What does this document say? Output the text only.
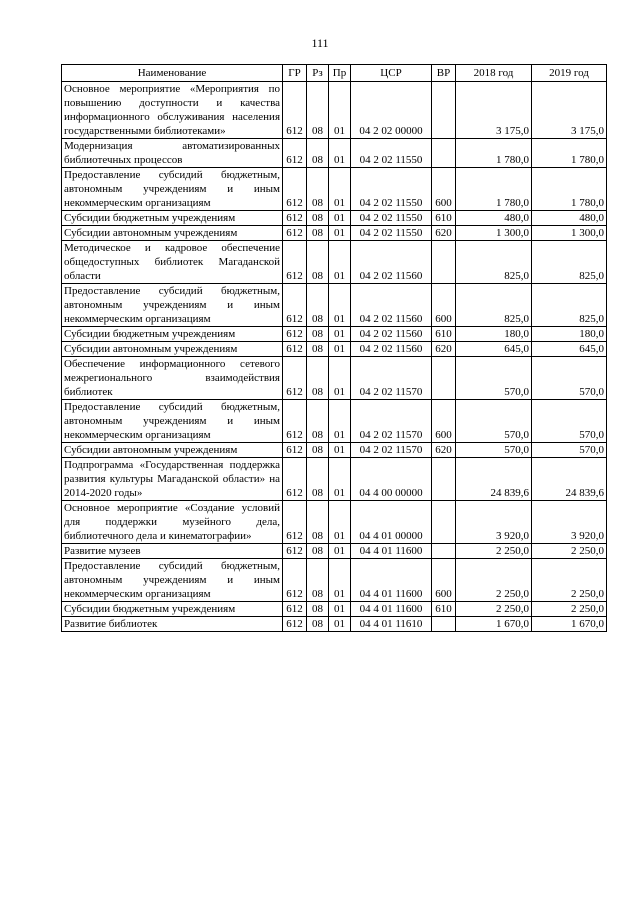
111
Наименование	ГР	Рз	Пр	ЦСР	ВР	2018 год	2019 год
Основное мероприятие «Мероприятия по повышению доступности и качества информационного обслуживания населения государственными библиотеками»	612	08	01	04 2 02 00000		3 175,0	3 175,0
Модернизация автоматизированных библиотечных процессов	612	08	01	04 2 02 11550		1 780,0	1 780,0
Предоставление субсидий бюджетным, автономным учреждениям и иным некоммерческим организациям	612	08	01	04 2 02 11550	600	1 780,0	1 780,0
Субсидии бюджетным учреждениям	612	08	01	04 2 02 11550	610	480,0	480,0
Субсидии автономным учреждениям	612	08	01	04 2 02 11550	620	1 300,0	1 300,0
Методическое и кадровое обеспечение общедоступных библиотек Магаданской области	612	08	01	04 2 02 11560		825,0	825,0
Предоставление субсидий бюджетным, автономным учреждениям и иным некоммерческим организациям	612	08	01	04 2 02 11560	600	825,0	825,0
Субсидии бюджетным учреждениям	612	08	01	04 2 02 11560	610	180,0	180,0
Субсидии автономным учреждениям	612	08	01	04 2 02 11560	620	645,0	645,0
Обеспечение информационного сетевого межрегионального взаимодействия библиотек	612	08	01	04 2 02 11570		570,0	570,0
Предоставление субсидий бюджетным, автономным учреждениям и иным некоммерческим организациям	612	08	01	04 2 02 11570	600	570,0	570,0
Субсидии автономным учреждениям	612	08	01	04 2 02 11570	620	570,0	570,0
Подпрограмма «Государственная поддержка развития культуры Магаданской области» на 2014-2020 годы»	612	08	01	04 4 00 00000		24 839,6	24 839,6
Основное мероприятие «Создание условий для поддержки музейного дела, библиотечного дела и кинематографии»	612	08	01	04 4 01 00000		3 920,0	3 920,0
Развитие музеев	612	08	01	04 4 01 11600		2 250,0	2 250,0
Предоставление субсидий бюджетным, автономным учреждениям и иным некоммерческим организациям	612	08	01	04 4 01 11600	600	2 250,0	2 250,0
Субсидии бюджетным учреждениям	612	08	01	04 4 01 11600	610	2 250,0	2 250,0
Развитие библиотек	612	08	01	04 4 01 11610		1 670,0	1 670,0
